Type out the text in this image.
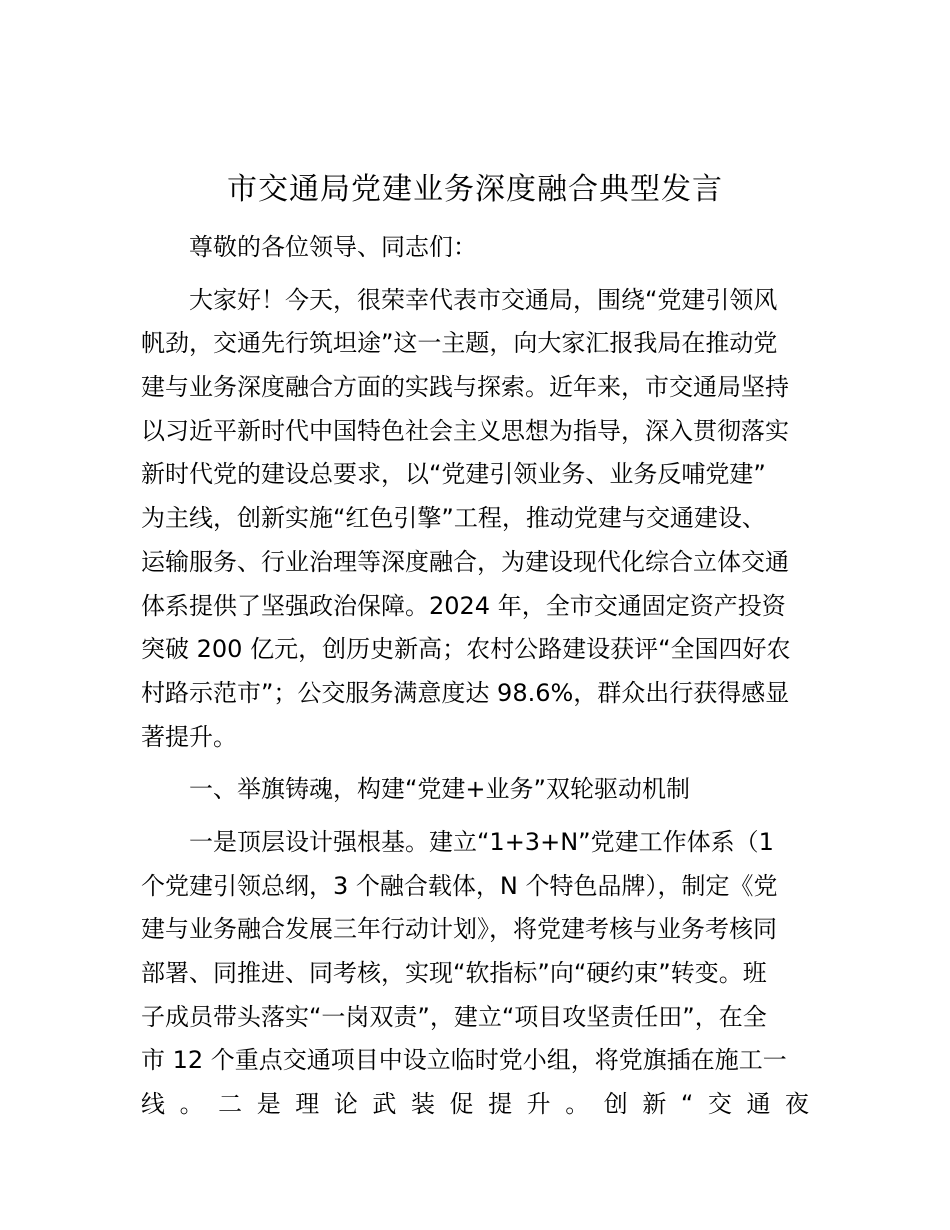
市交通局党建业务深度融合典型发言
尊敬的各位领导、同志们：
大家好！今天，很荣幸代表市交通局，围绕“党建引领风
帆劲，交通先行筑坦途”这一主题，向大家汇报我局在推动党
建与业务深度融合方面的实践与探索。近年来，市交通局坚持
以习近平新时代中国特色社会主义思想为指导，深入贯彻落实
新时代党的建设总要求，以“党建引领业务、业务反哺党建”
为主线，创新实施“红色引擎”工程，推动党建与交通建设、
运输服务、行业治理等深度融合，为建设现代化综合立体交通
体系提供了坚强政治保障。2024 年，全市交通固定资产投资
突破 200 亿元，创历史新高；农村公路建设获评“全国四好农
村路示范市”；公交服务满意度达 98.6%，群众出行获得感显
著提升。
一、举旗铸魂，构建“党建+业务”双轮驱动机制
一是顶层设计强根基。建立“1+3+N”党建工作体系（1
个党建引领总纲，3 个融合载体，N 个特色品牌），制定《党
建与业务融合发展三年行动计划》，将党建考核与业务考核同
部署、同推进、同考核，实现“软指标”向“硬约束”转变。班
子成员带头落实“一岗双责”，建立“项目攻坚责任田”，在全
市 12 个重点交通项目中设立临时党小组，将党旗插在施工一
线 。 二 是 理 论 武 装 促 提 升 。 创 新 “ 交 通 夜
